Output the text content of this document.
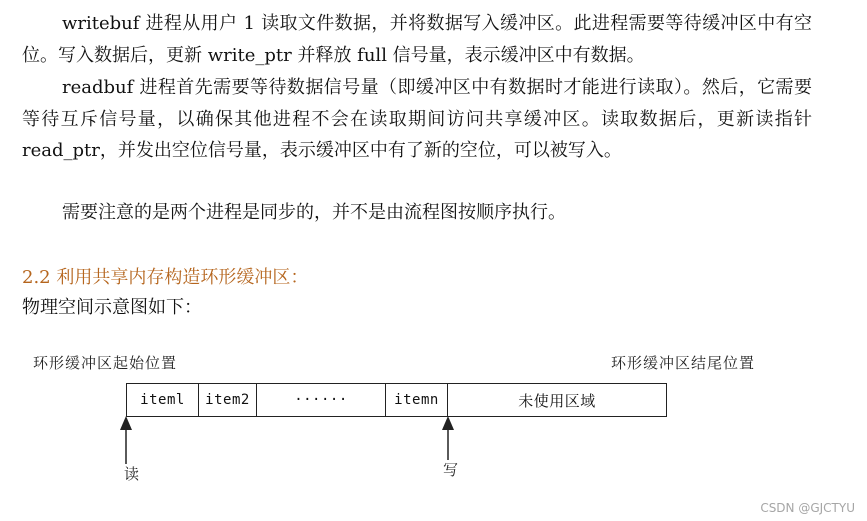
writebuf 进程从用户 1 读取文件数据，并将数据写入缓冲区。此进程需要等待缓冲区中有空位。写入数据后，更新 write_ptr 并释放 full 信号量，表示缓冲区中有数据。

readbuf 进程首先需要等待数据信号量（即缓冲区中有数据时才能进行读取）。然后，它需要等待互斥信号量，以确保其他进程不会在读取期间访问共享缓冲区。读取数据后，更新读指针 read_ptr，并发出空位信号量，表示缓冲区中有了新的空位，可以被写入。

需要注意的是两个进程是同步的，并不是由流程图按顺序执行。

2.2 利用共享内存构造环形缓冲区：
物理空间示意图如下：
环形缓冲区起始位置	环形缓冲区结尾位置
iteml	item2	······	itemn	未使用区域
读	写
CSDN @GJCTYU
